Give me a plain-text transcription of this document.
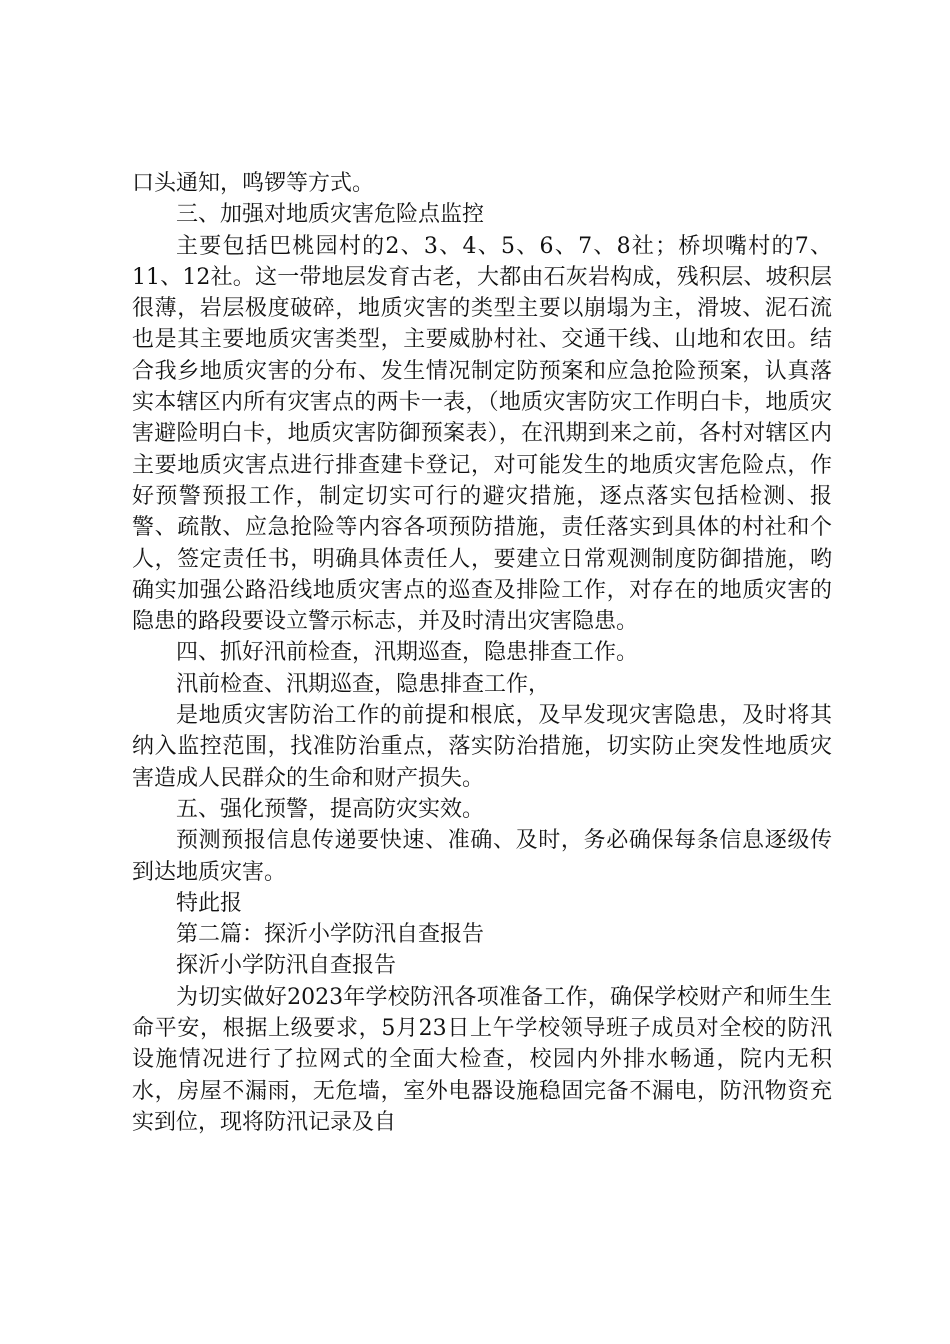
口头通知，鸣锣等方式。

三、加强对地质灾害危险点监控

主要包括巴桃园村的2、3、4、5、6、7、8社；桥坝嘴村的7、11、12社。这一带地层发育古老，大都由石灰岩构成，残积层、坡积层很薄，岩层极度破碎，地质灾害的类型主要以崩塌为主，滑坡、泥石流也是其主要地质灾害类型，主要威胁村社、交通干线、山地和农田。结合我乡地质灾害的分布、发生情况制定防预案和应急抢险预案，认真落实本辖区内所有灾害点的两卡一表，（地质灾害防灾工作明白卡，地质灾害避险明白卡，地质灾害防御预案表），在汛期到来之前，各村对辖区内主要地质灾害点进行排查建卡登记，对可能发生的地质灾害危险点，作好预警预报工作，制定切实可行的避灾措施，逐点落实包括检测、报警、疏散、应急抢险等内容各项预防措施，责任落实到具体的村社和个人，签定责任书，明确具体责任人，要建立日常观测制度防御措施，哟确实加强公路沿线地质灾害点的巡查及排险工作，对存在的地质灾害的隐患的路段要设立警示标志，并及时清出灾害隐患。

四、抓好汛前检查，汛期巡查，隐患排查工作。

汛前检查、汛期巡查，隐患排查工作，

是地质灾害防治工作的前提和根底，及早发现灾害隐患，及时将其纳入监控范围，找准防治重点，落实防治措施，切实防止突发性地质灾害造成人民群众的生命和财产损失。

五、强化预警，提高防灾实效。

预测预报信息传递要快速、准确、及时，务必确保每条信息逐级传到达地质灾害。

特此报

第二篇：探沂小学防汛自查报告

探沂小学防汛自查报告

为切实做好2023年学校防汛各项准备工作，确保学校财产和师生生命平安，根据上级要求，5月23日上午学校领导班子成员对全校的防汛设施情况进行了拉网式的全面大检查，校园内外排水畅通，院内无积水，房屋不漏雨，无危墙，室外电器设施稳固完备不漏电，防汛物资充实到位，现将防汛记录及自
